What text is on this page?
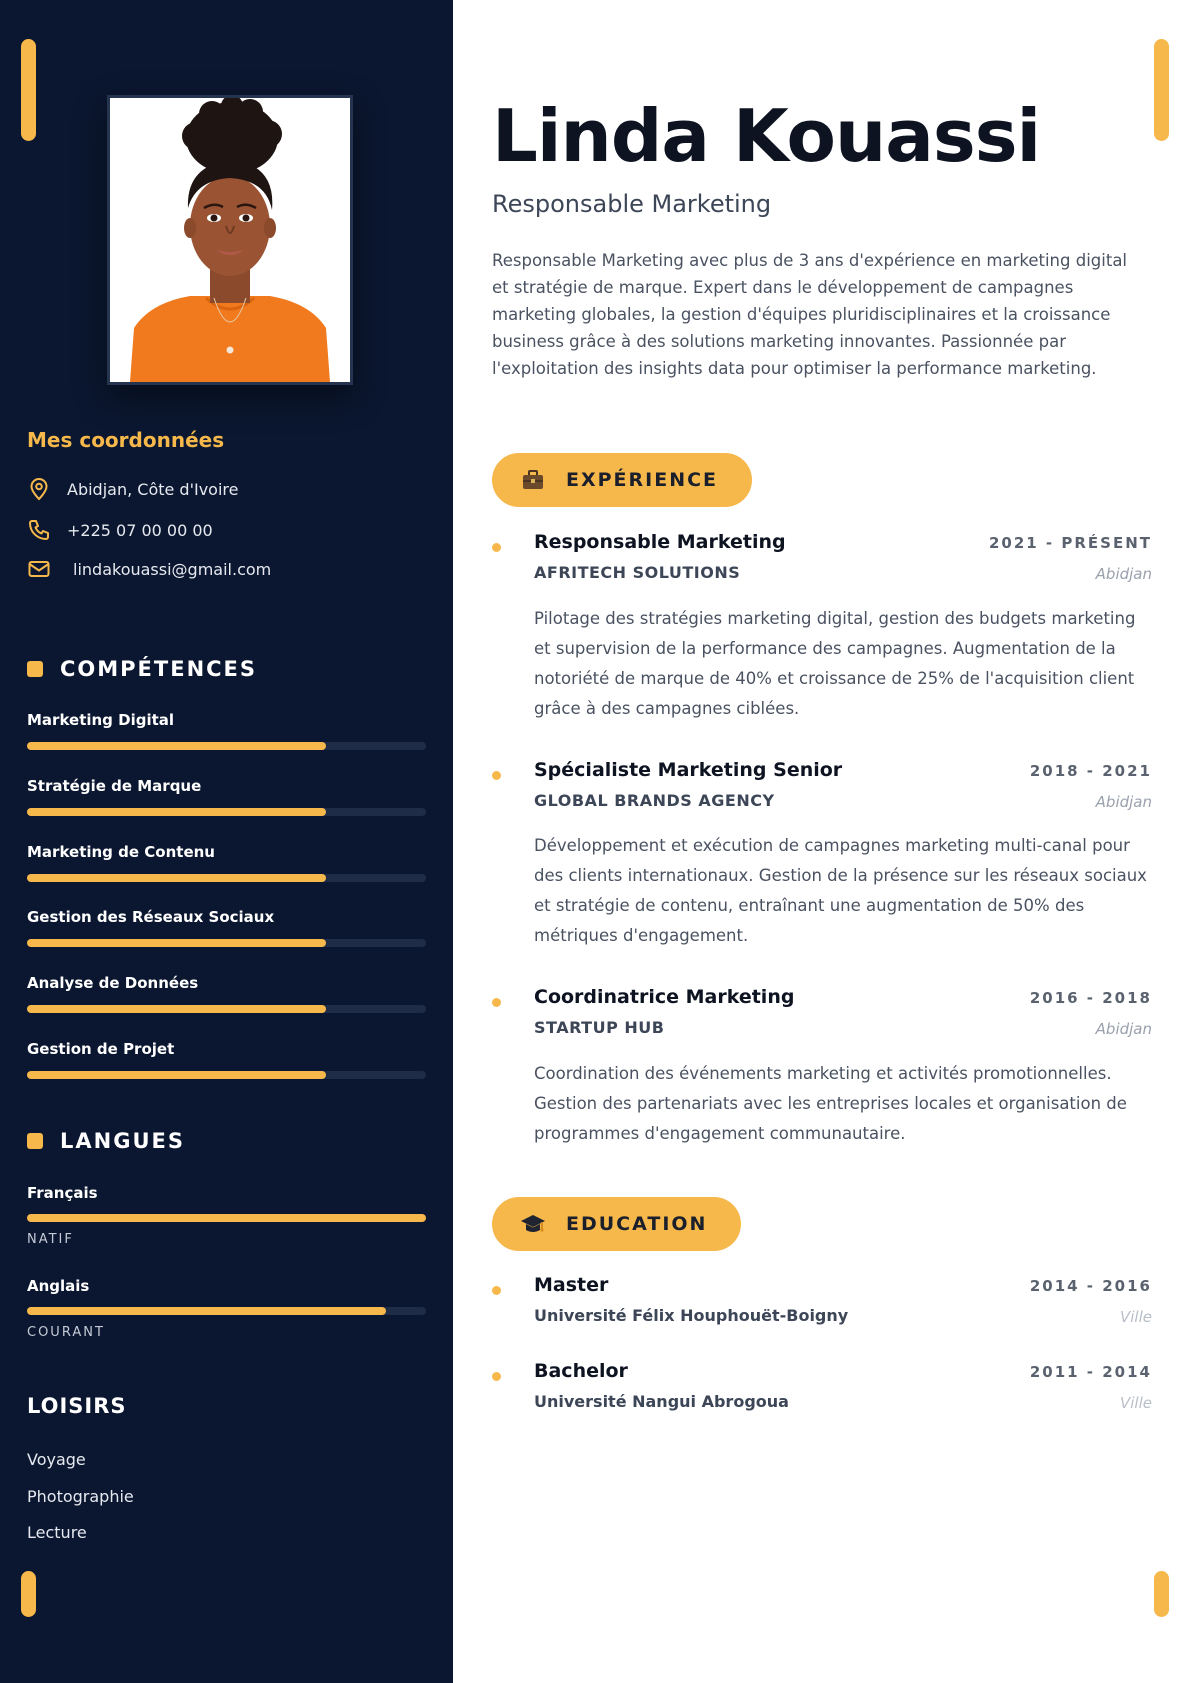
Mes coordonnées
Abidjan, Côte d'Ivoire
+225 07 00 00 00
lindakouassi@gmail.com
COMPÉTENCES
Marketing Digital
Stratégie de Marque
Marketing de Contenu
Gestion des Réseaux Sociaux
Analyse de Données
Gestion de Projet
LANGUES
Français
NATIF
Anglais
COURANT
LOISIRS
Voyage
Photographie
Lecture
Linda Kouassi
Responsable Marketing
Responsable Marketing avec plus de 3 ans d'expérience en marketing digital et stratégie de marque. Expert dans le développement de campagnes marketing globales, la gestion d'équipes pluridisciplinaires et la croissance business grâce à des solutions marketing innovantes. Passionnée par l'exploitation des insights data pour optimiser la performance marketing.
EXPÉRIENCE
Responsable Marketing	2021 - PRÉSENT
AFRITECH SOLUTIONS	Abidjan
Pilotage des stratégies marketing digital, gestion des budgets marketing et supervision de la performance des campagnes. Augmentation de la notoriété de marque de 40% et croissance de 25% de l'acquisition client grâce à des campagnes ciblées.
Spécialiste Marketing Senior	2018 - 2021
GLOBAL BRANDS AGENCY	Abidjan
Développement et exécution de campagnes marketing multi-canal pour des clients internationaux. Gestion de la présence sur les réseaux sociaux et stratégie de contenu, entraînant une augmentation de 50% des métriques d'engagement.
Coordinatrice Marketing	2016 - 2018
STARTUP HUB	Abidjan
Coordination des événements marketing et activités promotionnelles. Gestion des partenariats avec les entreprises locales et organisation de programmes d'engagement communautaire.
EDUCATION
Master	2014 - 2016
Université Félix Houphouët-Boigny	Ville
Bachelor	2011 - 2014
Université Nangui Abrogoua	Ville
